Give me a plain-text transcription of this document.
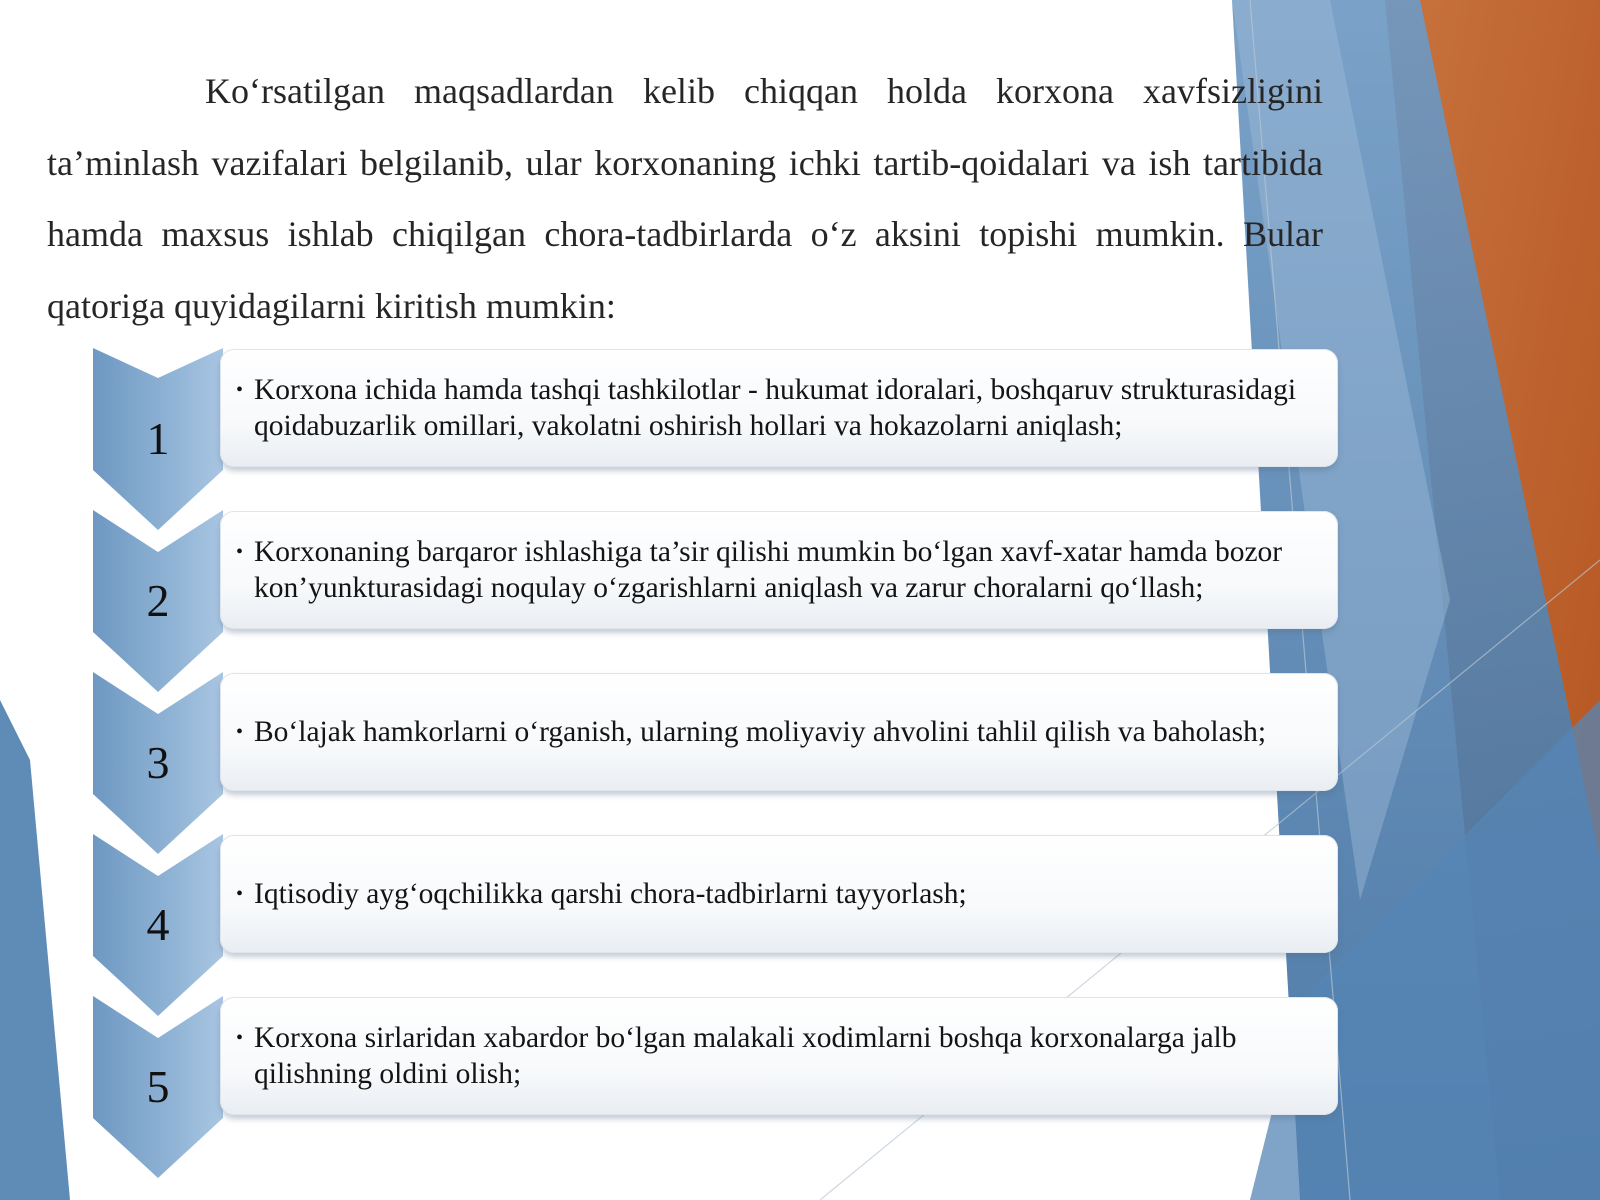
Ko‘rsatilgan maqsadlardan kelib chiqqan holda korxona xavfsizligini ta’minlash vazifalari belgilanib, ular korxonaning ichki tartib-qoidalari va ish tartibida hamda maxsus ishlab chiqilgan chora-tadbirlarda o‘z aksini topishi mumkin. Bular qatoriga quyidagilarni kiritish mumkin:

1
• Korxona ichida hamda tashqi tashkilotlar - hukumat idoralari, boshqaruv strukturasidagi qoidabuzarlik omillari, vakolatni oshirish hollari va hokazolarni aniqlash;
2
• Korxonaning barqaror ishlashiga ta’sir qilishi mumkin bo‘lgan xavf-xatar hamda bozor kon’yunkturasidagi noqulay o‘zgarishlarni aniqlash va zarur choralarni qo‘llash;
3
• Bo‘lajak hamkorlarni o‘rganish, ularning moliyaviy ahvolini tahlil qilish va baholash;
4
• Iqtisodiy ayg‘oqchilikka qarshi chora-tadbirlarni tayyorlash;
5
• Korxona sirlaridan xabardor bo‘lgan malakali xodimlarni boshqa korxonalarga jalb qilishning oldini olish;
